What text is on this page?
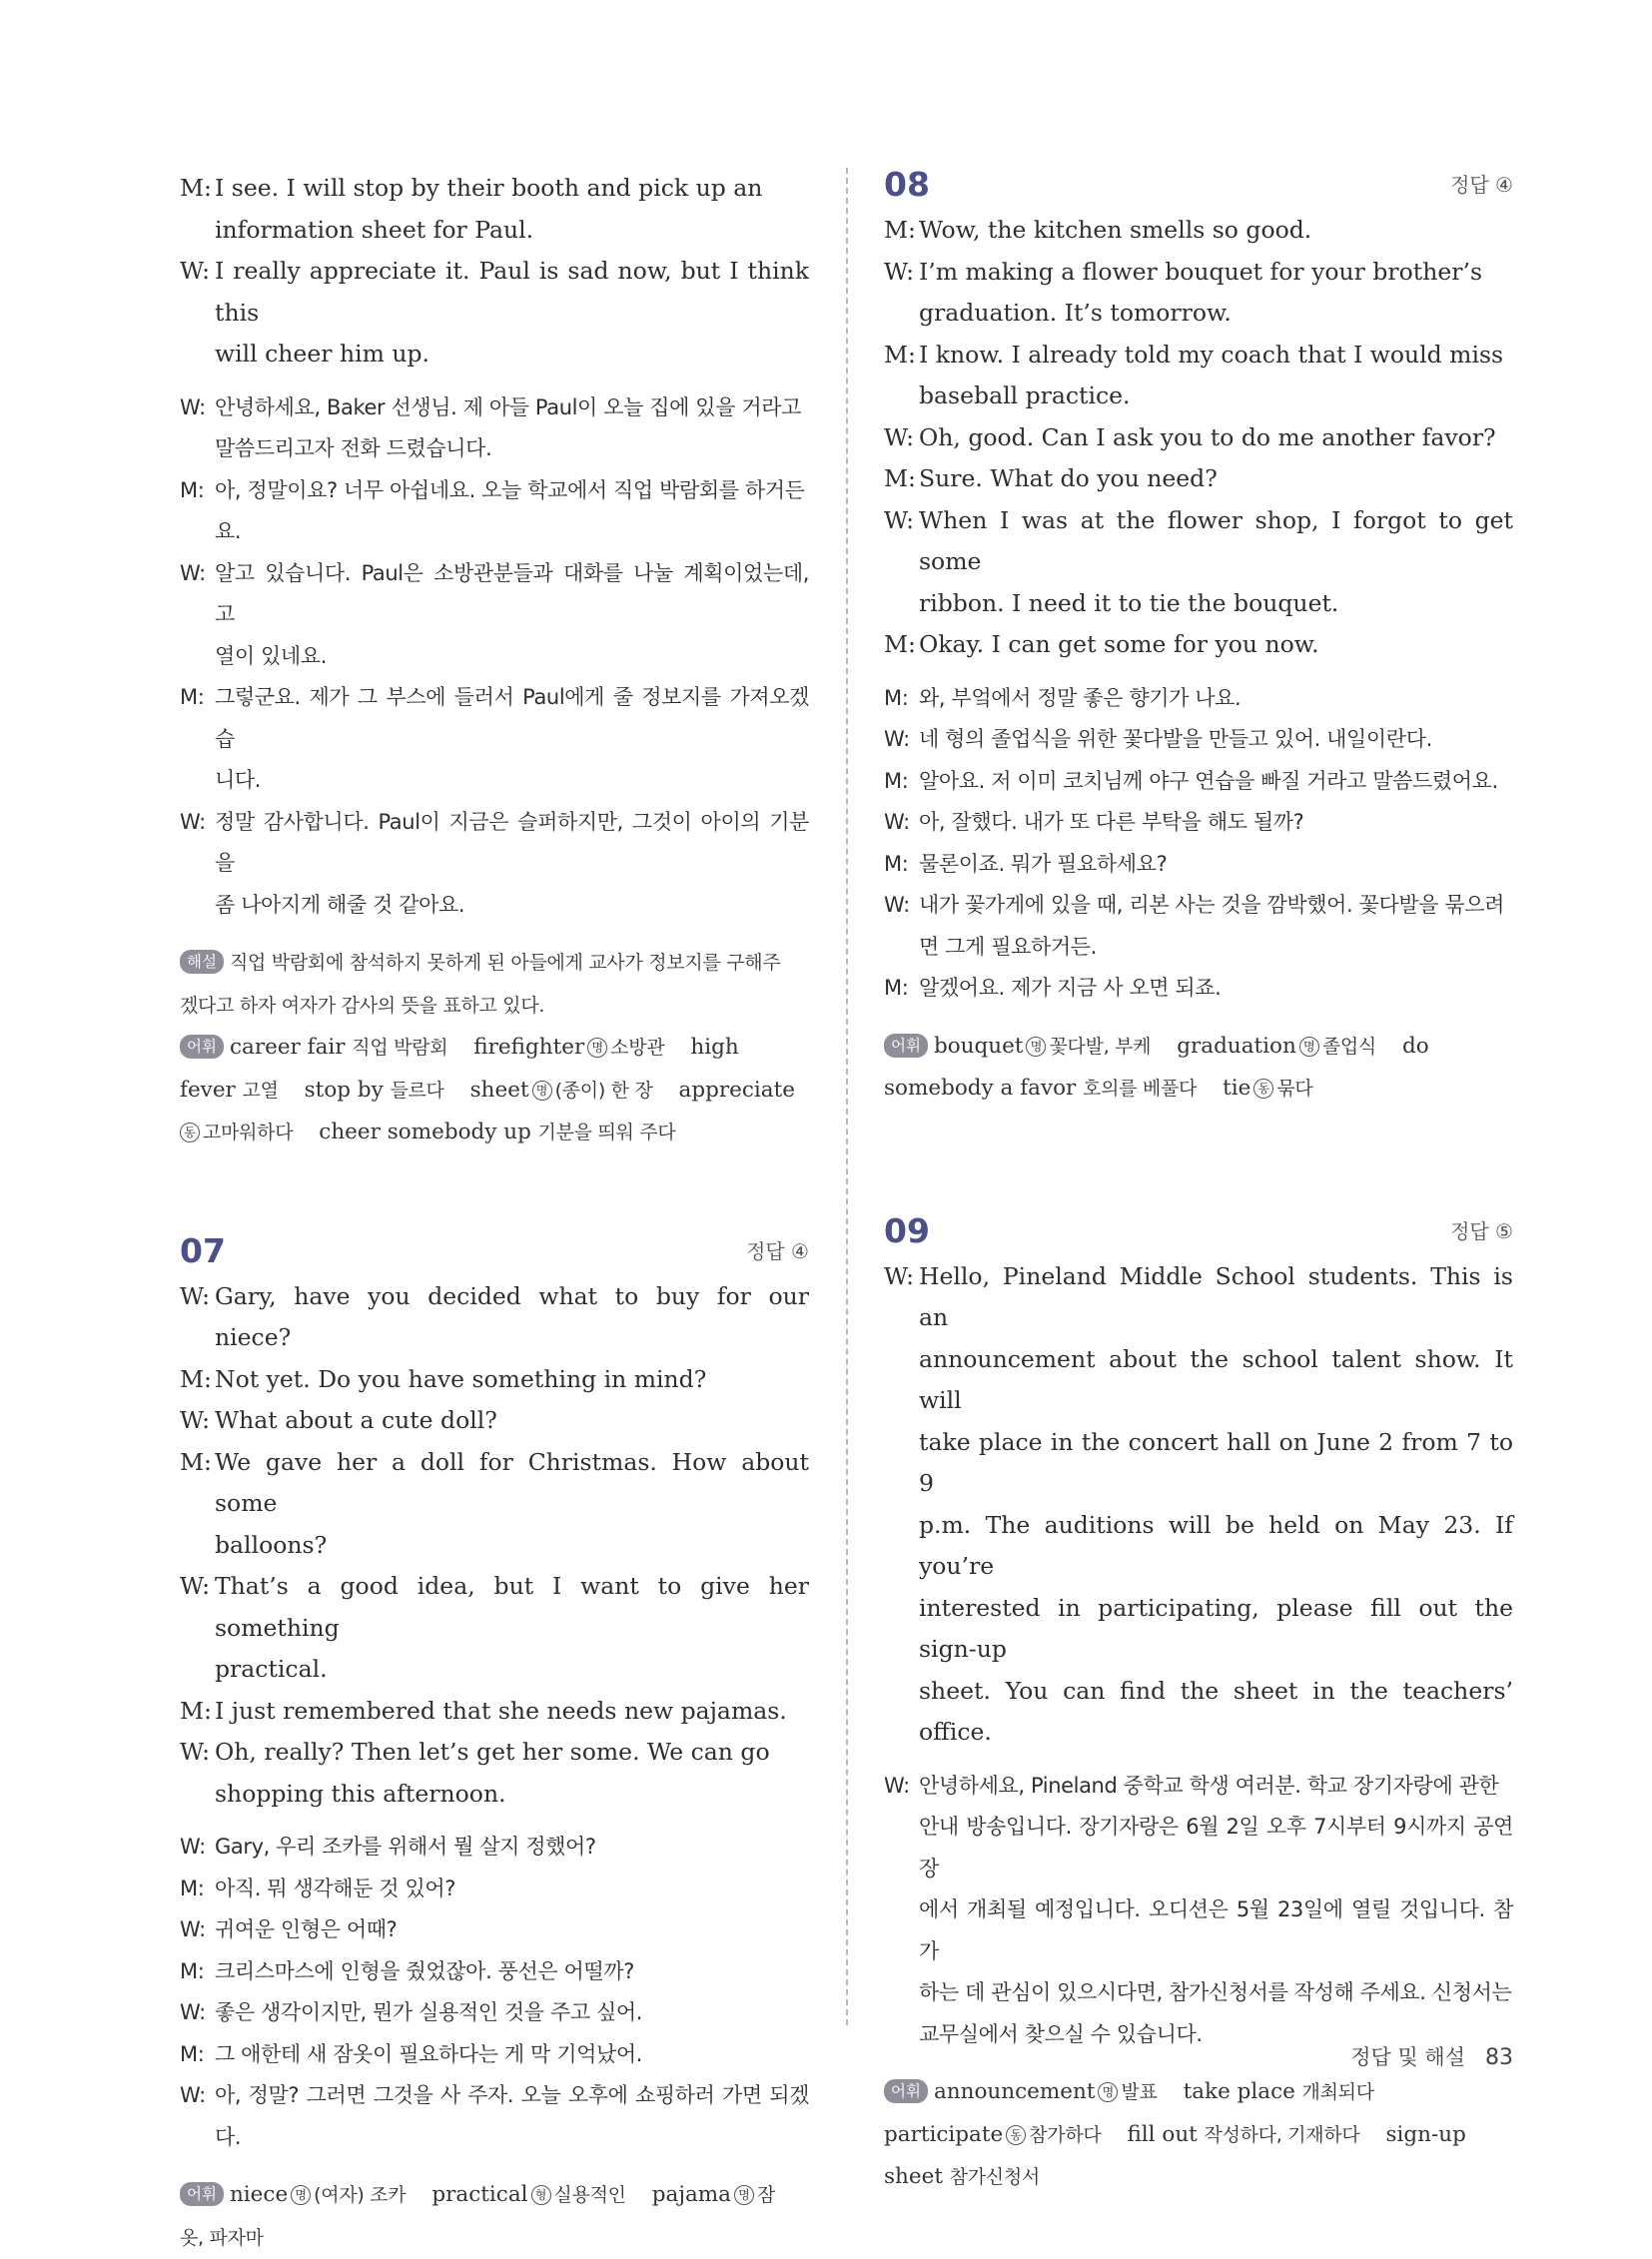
M: I see. I will stop by their booth and pick up an
information sheet for Paul.
W: I really appreciate it. Paul is sad now, but I think this
will cheer him up.
W: 안녕하세요, Baker 선생님. 제 아들 Paul이 오늘 집에 있을 거라고
말씀드리고자 전화 드렸습니다.
M: 아, 정말이요? 너무 아쉽네요. 오늘 학교에서 직업 박람회를 하거든
요.
W: 알고 있습니다. Paul은 소방관분들과 대화를 나눌 계획이었는데, 고
열이 있네요.
M: 그렇군요. 제가 그 부스에 들러서 Paul에게 줄 정보지를 가져오겠습
니다.
W: 정말 감사합니다. Paul이 지금은 슬퍼하지만, 그것이 아이의 기분을
좀 나아지게 해줄 것 같아요.
해설 직업 박람회에 참석하지 못하게 된 아들에게 교사가 정보지를 구해주
겠다고 하자 여자가 감사의 뜻을 표하고 있다.
어휘 career fair 직업 박람회 firefighter 명 소방관 high
fever 고열 stop by 들르다 sheet 명 (종이) 한 장 appreciate
동 고마워하다 cheer somebody up 기분을 띄워 주다
07	정답 ④
W: Gary, have you decided what to buy for our niece?
M: Not yet. Do you have something in mind?
W: What about a cute doll?
M: We gave her a doll for Christmas. How about some
balloons?
W: That’s a good idea, but I want to give her something
practical.
M: I just remembered that she needs new pajamas.
W: Oh, really? Then let’s get her some. We can go
shopping this afternoon.
W: Gary, 우리 조카를 위해서 뭘 살지 정했어?
M: 아직. 뭐 생각해둔 것 있어?
W: 귀여운 인형은 어때?
M: 크리스마스에 인형을 줬었잖아. 풍선은 어떨까?
W: 좋은 생각이지만, 뭔가 실용적인 것을 주고 싶어.
M: 그 애한테 새 잠옷이 필요하다는 게 막 기억났어.
W: 아, 정말? 그러면 그것을 사 주자. 오늘 오후에 쇼핑하러 가면 되겠다.
어휘 niece 명 (여자) 조카 practical 형 실용적인 pajama 명 잠
옷, 파자마
08	정답 ④
M: Wow, the kitchen smells so good.
W: I’m making a flower bouquet for your brother’s
graduation. It’s tomorrow.
M: I know. I already told my coach that I would miss
baseball practice.
W: Oh, good. Can I ask you to do me another favor?
M: Sure. What do you need?
W: When I was at the flower shop, I forgot to get some
ribbon. I need it to tie the bouquet.
M: Okay. I can get some for you now.
M: 와, 부엌에서 정말 좋은 향기가 나요.
W: 네 형의 졸업식을 위한 꽃다발을 만들고 있어. 내일이란다.
M: 알아요. 저 이미 코치님께 야구 연습을 빠질 거라고 말씀드렸어요.
W: 아, 잘했다. 내가 또 다른 부탁을 해도 될까?
M: 물론이죠. 뭐가 필요하세요?
W: 내가 꽃가게에 있을 때, 리본 사는 것을 깜박했어. 꽃다발을 묶으려
면 그게 필요하거든.
M: 알겠어요. 제가 지금 사 오면 되죠.
어휘 bouquet 명 꽃다발, 부케 graduation 명 졸업식 do
somebody a favor 호의를 베풀다 tie 동 묶다
09	정답 ⑤
W: Hello, Pineland Middle School students. This is an
announcement about the school talent show. It will
take place in the concert hall on June 2 from 7 to 9
p.m. The auditions will be held on May 23. If you’re
interested in participating, please fill out the sign-up
sheet. You can find the sheet in the teachers’ office.
W: 안녕하세요, Pineland 중학교 학생 여러분. 학교 장기자랑에 관한
안내 방송입니다. 장기자랑은 6월 2일 오후 7시부터 9시까지 공연장
에서 개최될 예정입니다. 오디션은 5월 23일에 열릴 것입니다. 참가
하는 데 관심이 있으시다면, 참가신청서를 작성해 주세요. 신청서는
교무실에서 찾으실 수 있습니다.
어휘 announcement 명 발표 take place 개최되다
participate 동 참가하다 fill out 작성하다, 기재하다 sign-up
sheet 참가신청서
정답 및 해설 83
